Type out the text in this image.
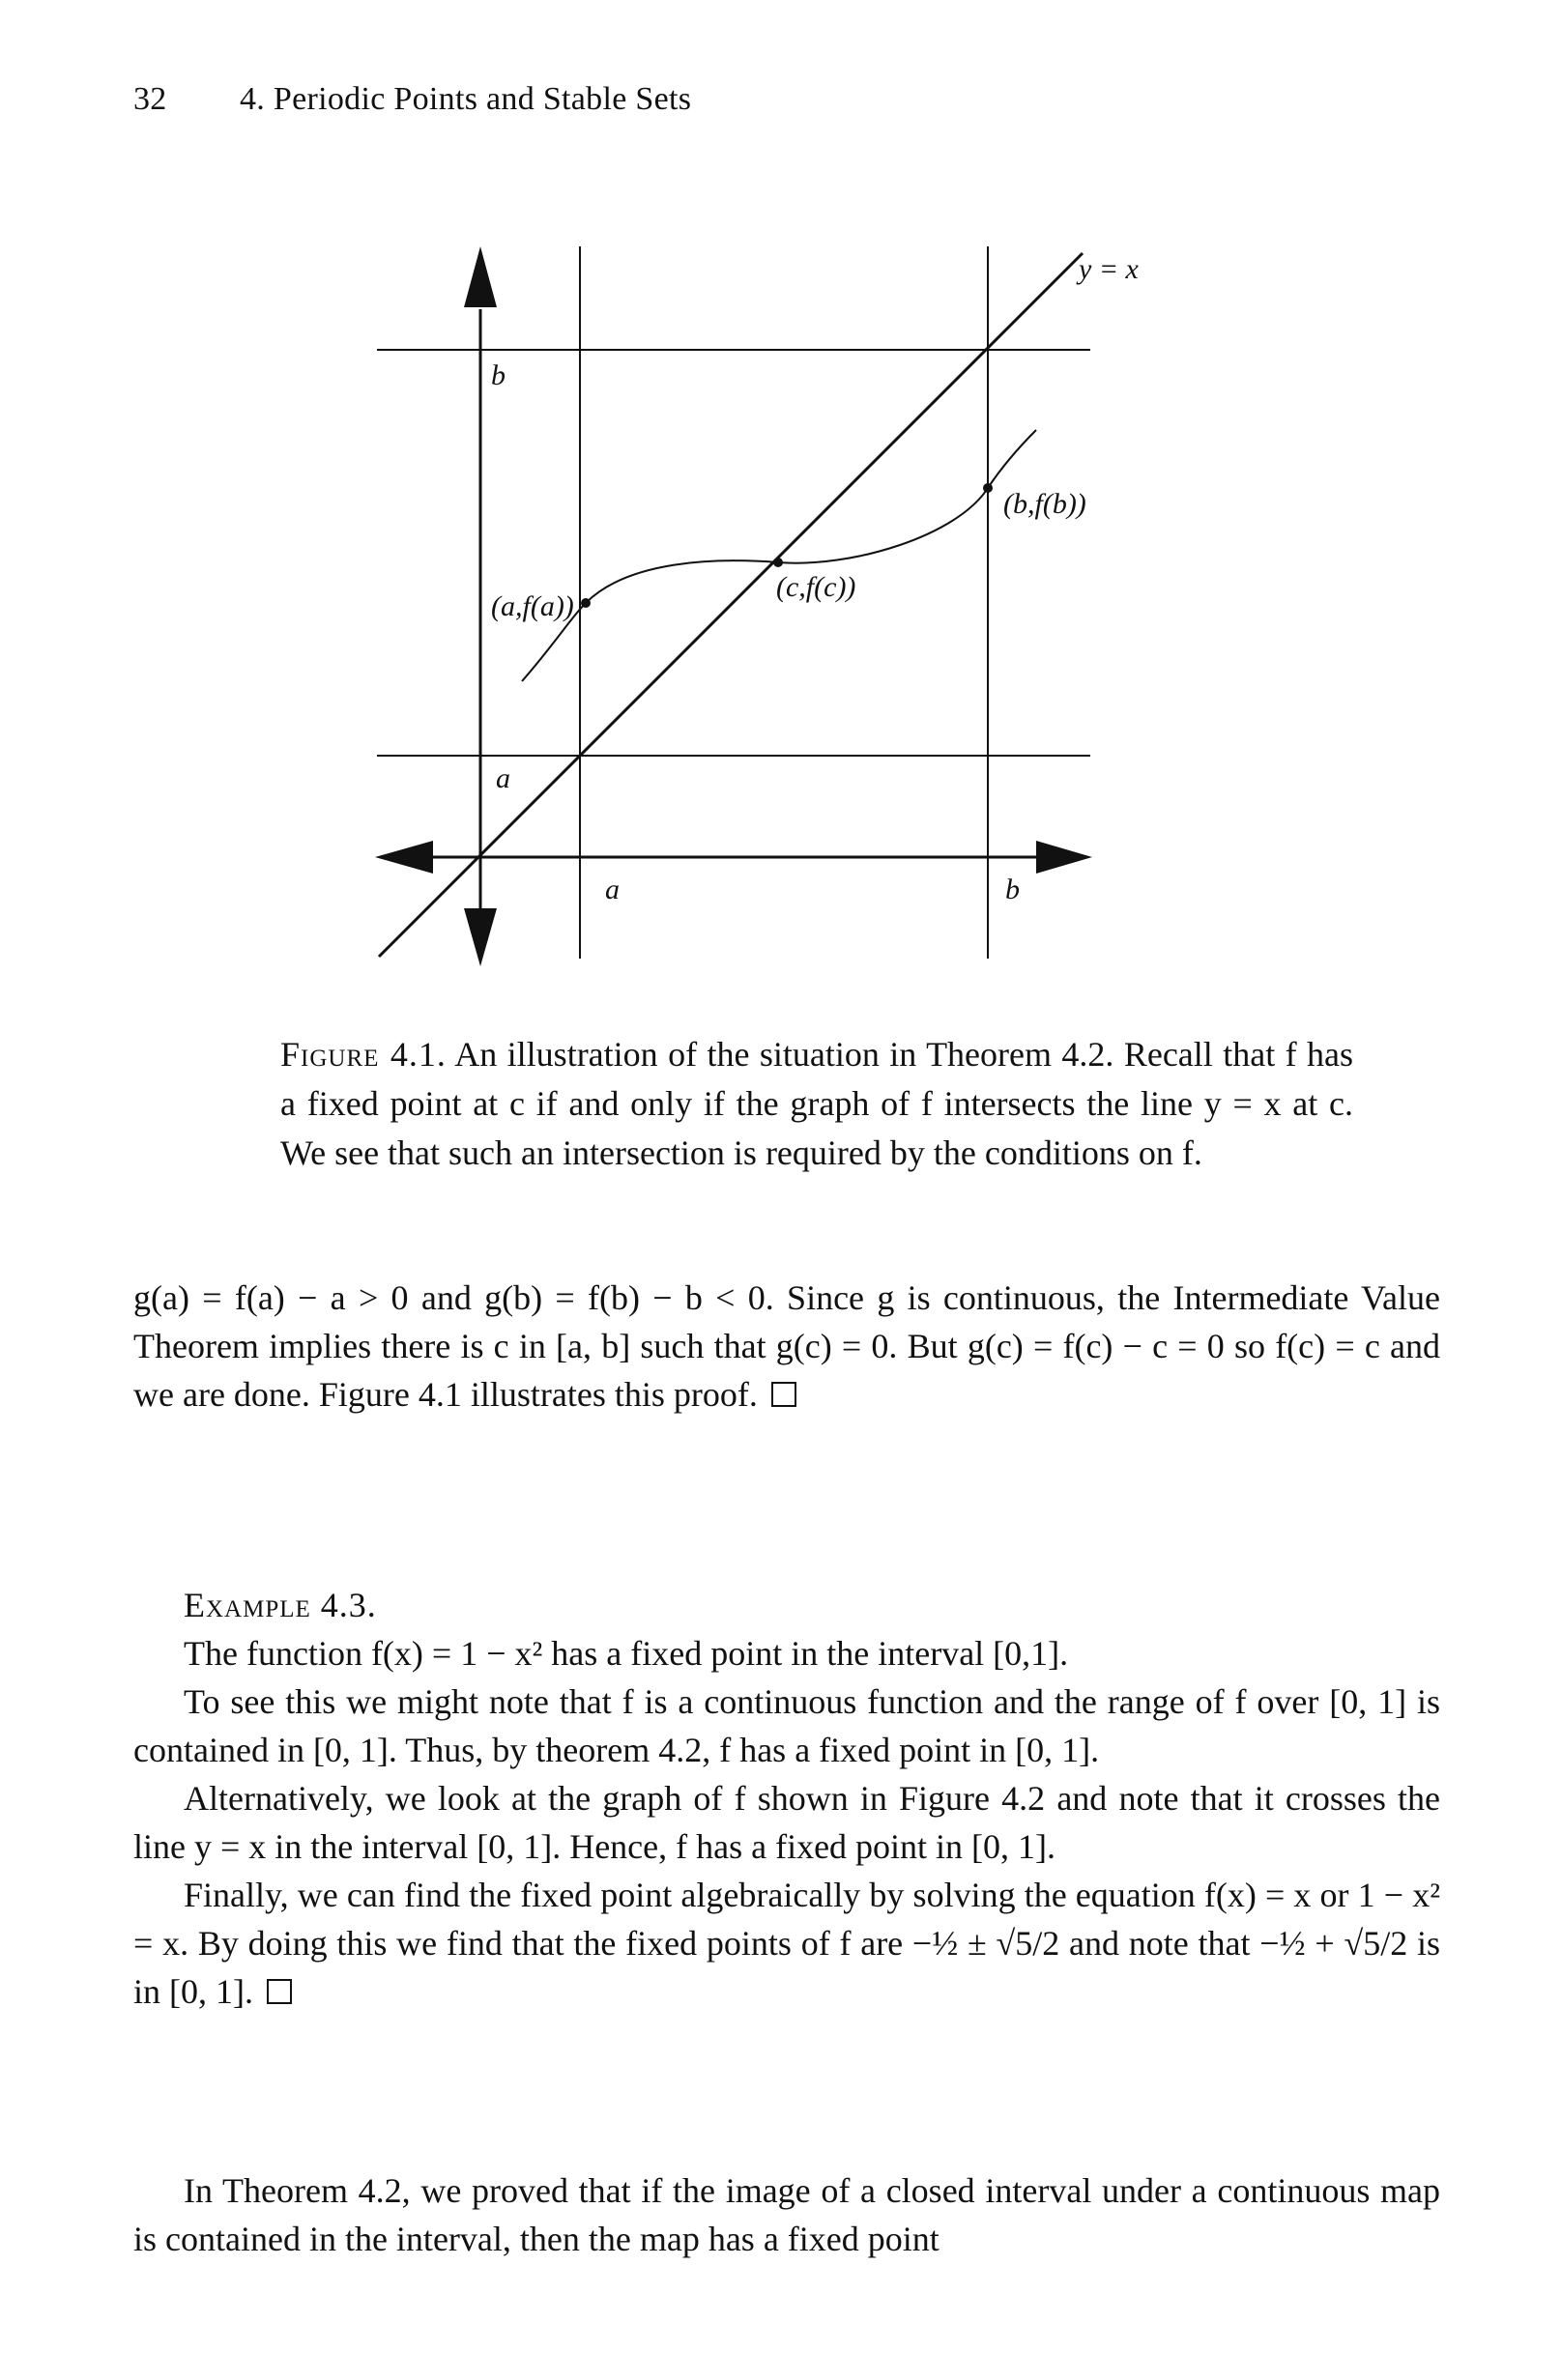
32 4. Periodic Points and Stable Sets
y = x
b
a
a	b
(a,f(a))
(c,f(c))
(b,f(b))
Figure 4.1. An illustration of the situation in Theorem 4.2. Recall that f has a fixed point at c if and only if the graph of f intersects the line y = x at c. We see that such an intersection is required by the conditions on f.

g(a) = f(a) − a > 0 and g(b) = f(b) − b < 0. Since g is continuous, the Intermediate Value Theorem implies there is c in [a, b] such that g(c) = 0. But g(c) = f(c) − c = 0 so f(c) = c and we are done. Figure 4.1 illustrates this proof.

Example 4.3.

The function f(x) = 1 − x² has a fixed point in the interval [0,1].

To see this we might note that f is a continuous function and the range of f over [0, 1] is contained in [0, 1]. Thus, by theorem 4.2, f has a fixed point in [0, 1].

Alternatively, we look at the graph of f shown in Figure 4.2 and note that it crosses the line y = x in the interval [0, 1]. Hence, f has a fixed point in [0, 1].

Finally, we can find the fixed point algebraically by solving the equation f(x) = x or 1 − x² = x. By doing this we find that the fixed points of f are −½ ± √5/2 and note that −½ + √5/2 is in [0, 1].

In Theorem 4.2, we proved that if the image of a closed interval under a continuous map is contained in the interval, then the map has a fixed point
